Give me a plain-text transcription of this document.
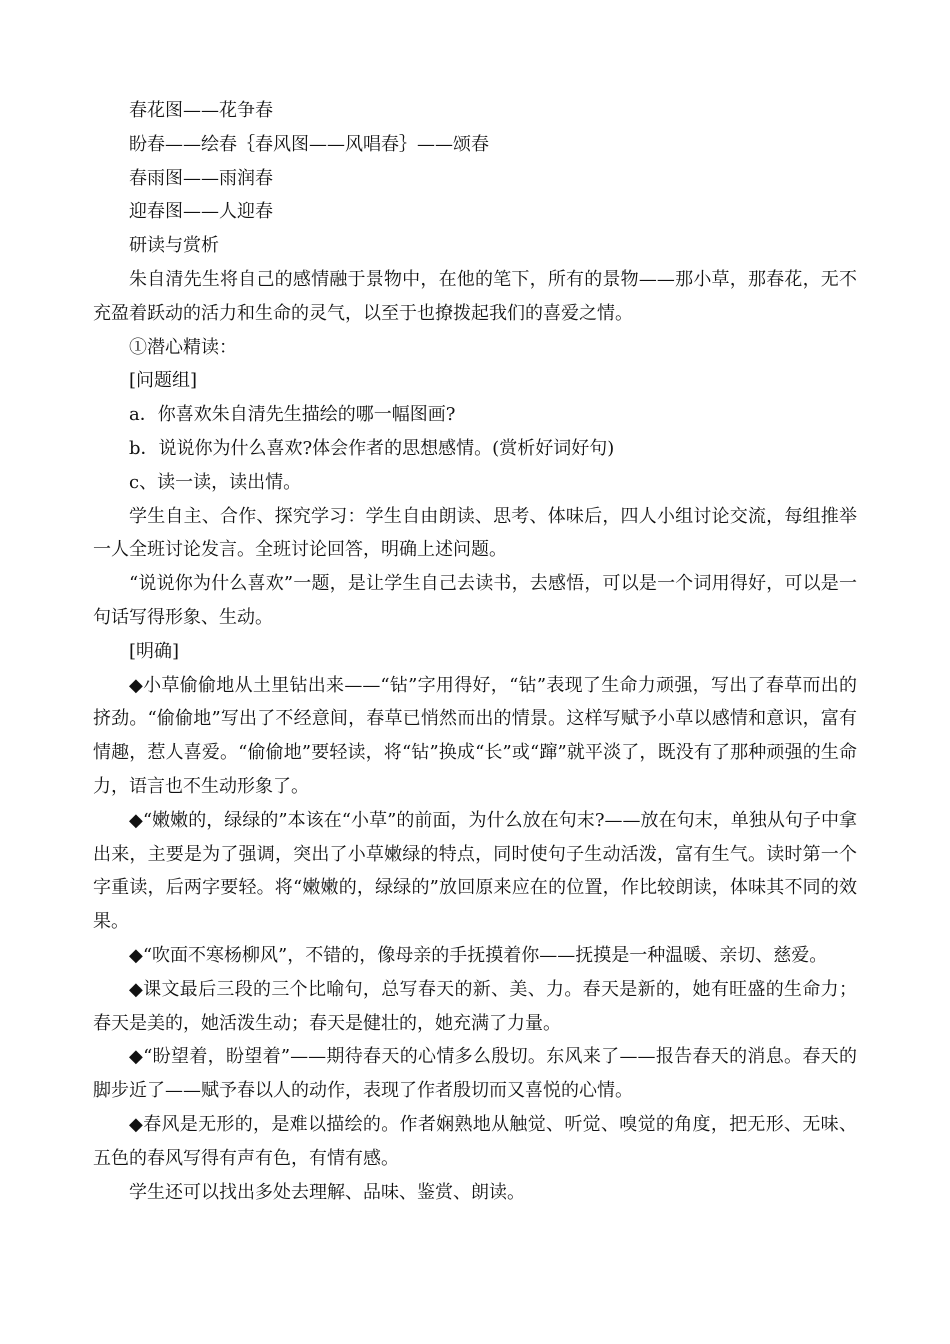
春花图——花争春

盼春——绘春｛春风图——风唱春｝——颂春

春雨图——雨润春

迎春图——人迎春

研读与赏析

朱自清先生将自己的感情融于景物中，在他的笔下，所有的景物——那小草，那春花，无不充盈着跃动的活力和生命的灵气，以至于也撩拨起我们的喜爱之情。

①潜心精读：

[问题组]

a．你喜欢朱自清先生描绘的哪一幅图画?

b．说说你为什么喜欢?体会作者的思想感情。(赏析好词好句)

c、读一读，读出情。

学生自主、合作、探究学习：学生自由朗读、思考、体味后，四人小组讨论交流，每组推举一人全班讨论发言。全班讨论回答，明确上述问题。

“说说你为什么喜欢”一题，是让学生自己去读书，去感悟，可以是一个词用得好，可以是一句话写得形象、生动。

[明确]

◆小草偷偷地从土里钻出来——“钻”字用得好，“钻”表现了生命力顽强，写出了春草而出的挤劲。“偷偷地”写出了不经意间，春草已悄然而出的情景。这样写赋予小草以感情和意识，富有情趣，惹人喜爱。“偷偷地”要轻读，将“钻”换成“长”或“蹿”就平淡了，既没有了那种顽强的生命力，语言也不生动形象了。

◆“嫩嫩的，绿绿的”本该在“小草”的前面，为什么放在句末?——放在句末，单独从句子中拿出来，主要是为了强调，突出了小草嫩绿的特点，同时使句子生动活泼，富有生气。读时第一个字重读，后两字要轻。将“嫩嫩的，绿绿的”放回原来应在的位置，作比较朗读，体味其不同的效果。

◆“吹面不寒杨柳风”，不错的，像母亲的手抚摸着你——抚摸是一种温暖、亲切、慈爱。

◆课文最后三段的三个比喻句，总写春天的新、美、力。春天是新的，她有旺盛的生命力；春天是美的，她活泼生动；春天是健壮的，她充满了力量。

◆“盼望着，盼望着”——期待春天的心情多么殷切。东风来了——报告春天的消息。春天的脚步近了——赋予春以人的动作，表现了作者殷切而又喜悦的心情。

◆春风是无形的，是难以描绘的。作者娴熟地从触觉、听觉、嗅觉的角度，把无形、无味、五色的春风写得有声有色，有情有感。

学生还可以找出多处去理解、品味、鉴赏、朗读。
